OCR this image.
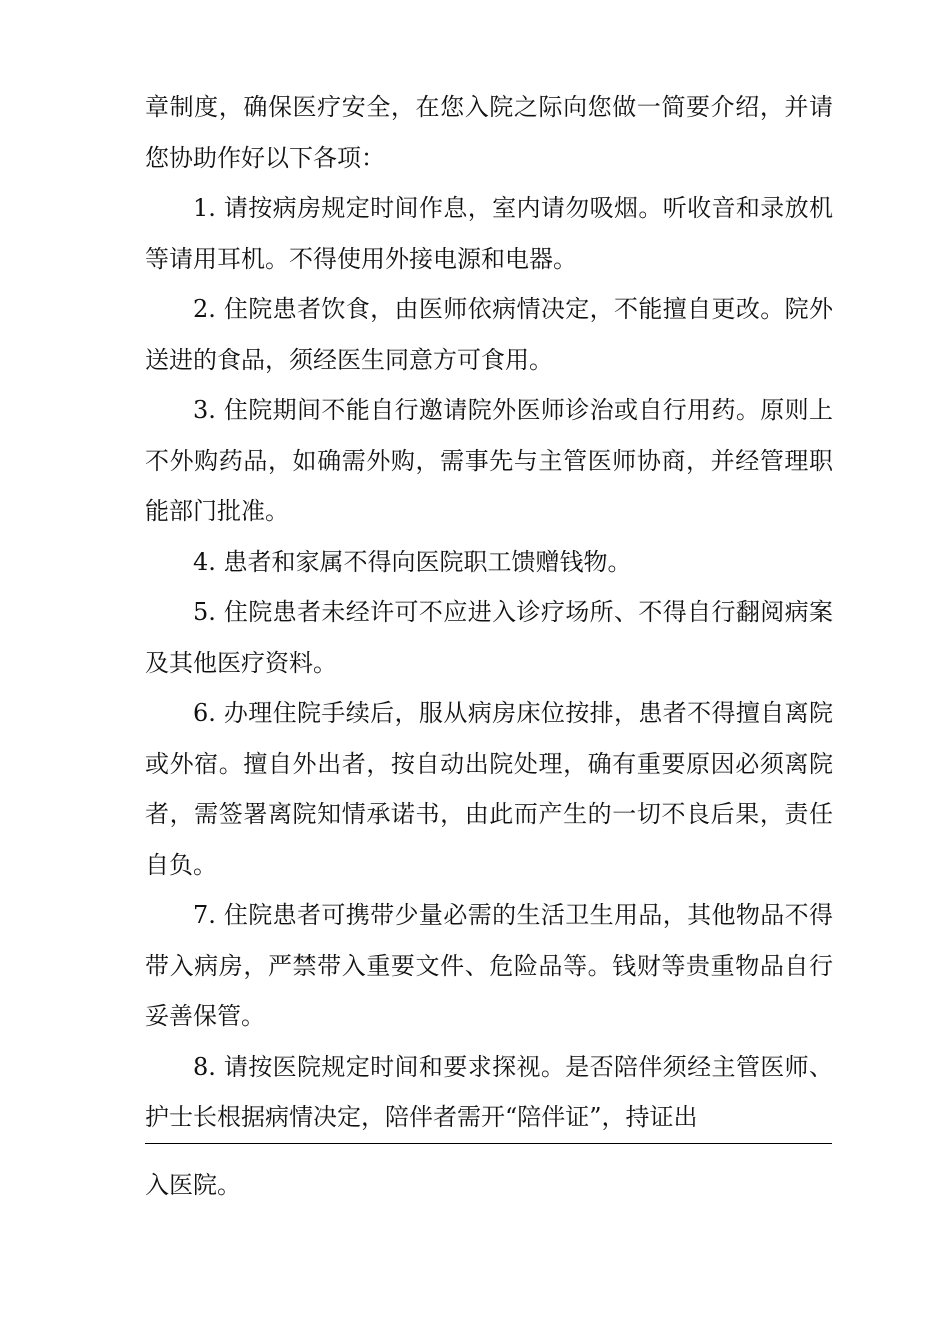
章制度，确保医疗安全，在您入院之际向您做一简要介绍，并请您协助作好以下各项：

1. 请按病房规定时间作息，室内请勿吸烟。听收音和录放机等请用耳机。不得使用外接电源和电器。

2. 住院患者饮食，由医师依病情决定，不能擅自更改。院外送进的食品，须经医生同意方可食用。

3. 住院期间不能自行邀请院外医师诊治或自行用药。原则上不外购药品，如确需外购，需事先与主管医师协商，并经管理职能部门批准。

4. 患者和家属不得向医院职工馈赠钱物。

5. 住院患者未经许可不应进入诊疗场所、不得自行翻阅病案及其他医疗资料。

6. 办理住院手续后，服从病房床位按排，患者不得擅自离院或外宿。擅自外出者，按自动出院处理，确有重要原因必须离院者，需签署离院知情承诺书，由此而产生的一切不良后果，责任自负。

7. 住院患者可携带少量必需的生活卫生用品，其他物品不得带入病房，严禁带入重要文件、危险品等。钱财等贵重物品自行妥善保管。

8. 请按医院规定时间和要求探视。是否陪伴须经主管医师、护士长根据病情决定，陪伴者需开“陪伴证”，持证出

入医院。
